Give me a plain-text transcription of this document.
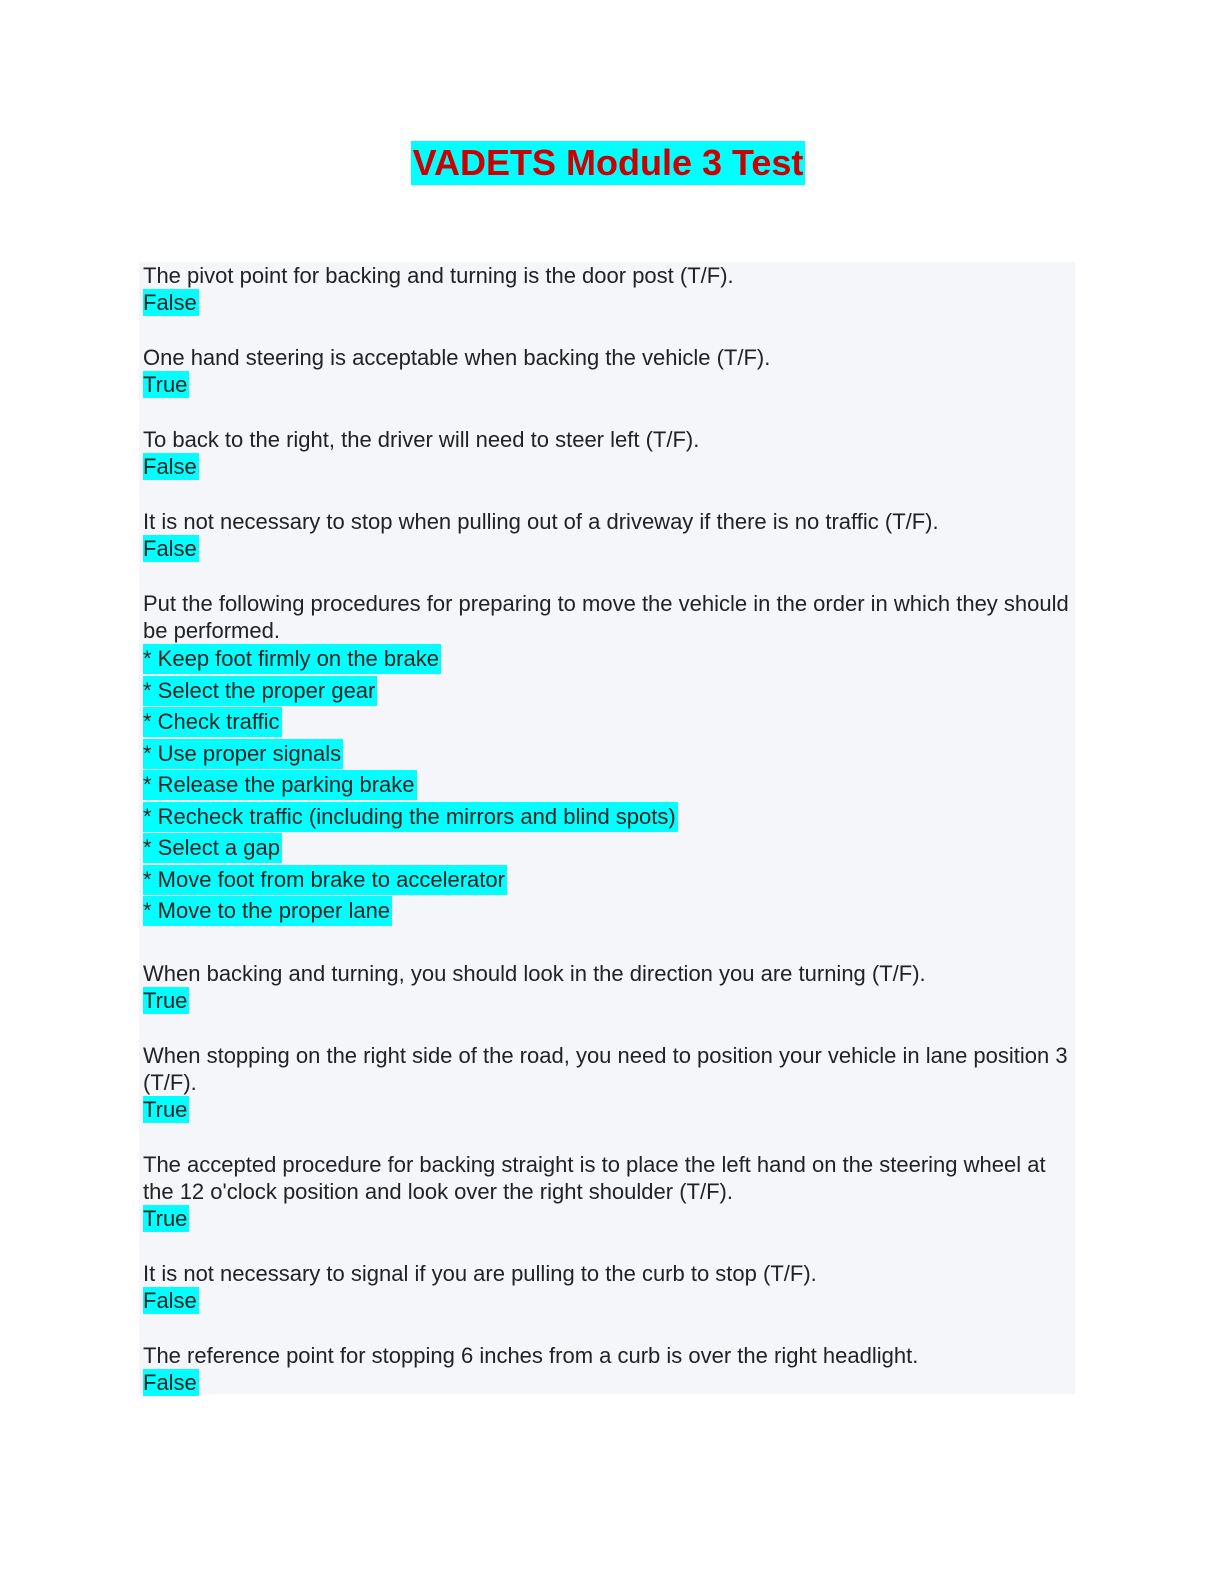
VADETS Module 3 Test

The pivot point for backing and turning is the door post (T/F).

False

One hand steering is acceptable when backing the vehicle (T/F).

True

To back to the right, the driver will need to steer left (T/F).

False

It is not necessary to stop when pulling out of a driveway if there is no traffic (T/F).

False

Put the following procedures for preparing to move the vehicle in the order in which they should be performed.

* Keep foot firmly on the brake
* Select the proper gear
* Check traffic
* Use proper signals
* Release the parking brake
* Recheck traffic (including the mirrors and blind spots)
* Select a gap
* Move foot from brake to accelerator
* Move to the proper lane

When backing and turning, you should look in the direction you are turning (T/F).

True

When stopping on the right side of the road, you need to position your vehicle in lane position 3 (T/F).

True

The accepted procedure for backing straight is to place the left hand on the steering wheel at the 12 o'clock position and look over the right shoulder (T/F).

True

It is not necessary to signal if you are pulling to the curb to stop (T/F).

False

The reference point for stopping 6 inches from a curb is over the right headlight.

False
